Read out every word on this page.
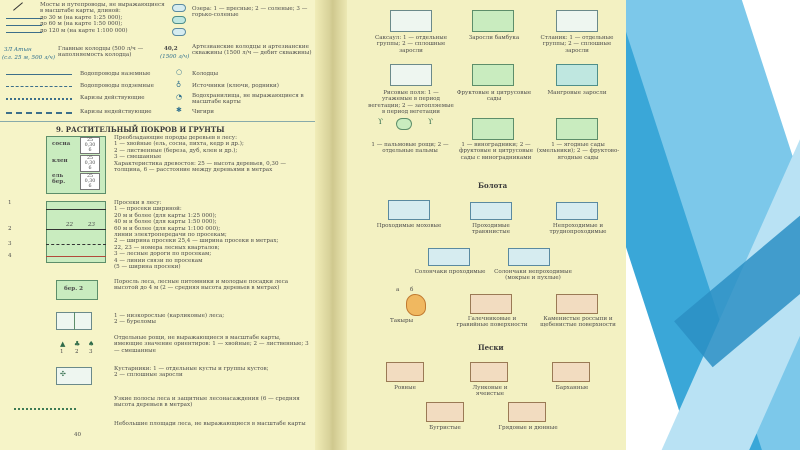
Мосты и путепроводы, не выражающиеся в масштабе карты, длиной:
до 30 м (на карте 1:25 000);
до 60 м (на карте 1:50 000);
до 120 м (на карте 1:100 000)
Озера: 1 — пресные; 2 — соленые; 3 — горько-соленые
ЗЛ Атын
(сл. 25 м, 500 л/ч)
Главные колодцы (500 л/ч — наполняемость колодца)
40,2
(1500 л/ч)
Артезианские колодцы и артезианские скважины (1500 л/ч — дебит скважины)
Водопроводы наземные	○ Колодцы
Водопроводы подземные	♁ Источники (ключи, родники)
Каризы действующие	◔ Водохранилища, не выражающиеся в масштабе карты
Каризы недействующие	✱ Чигири
9. РАСТИТЕЛЬНЫЙ ПОКРОВ И ГРУНТЫ
сосна
25
0,30
6
клен	25
0,30
6
ель
бер.
25
0,30
6
Преобладающие породы деревьев в лесу:
1 — хвойные (ель, сосна, пихта, кедр и др.);
2 — лиственные (береза, дуб, клен и др.);
3 — смешанные
Характеристика древостоя: 25 — высота деревьев, 0,30 — толщина, 6 — расстояние между деревьями в метрах
1
2
3
4
22	23
Просеки в лесу:
1 — просеки шириной:
20 м и более (для карты 1:25 000);
40 м и более (для карты 1:50 000);
60 м и более (для карты 1:100 000);
линии электропередачи по просекам;
2 — ширина просеки 25,4 — ширина просеки в метрах;
22, 23 — номера лесных кварталов;
3 — лесные дороги по просекам;
4 — линии связи по просекам
(5 — ширина просеки)
бер. 2
Поросль леса, лесные питомники и молодые посадки леса высотой до 4 м (2 — средняя высота деревьев в метрах)
1 — низкорослые (карликовые) леса;
2 — буреломы
▲ ♣ ♠
1 2 3
Отдельные рощи, не выражающиеся в масштабе карты, имеющие значение ориентиров: 1 — хвойные; 2 — лиственные; 3 — смешанные
✣
Кустарники: 1 — отдельные кусты и группы кустов;
2 — сплошные заросли
Узкие полосы леса и защитные лесонасаждения (6 — средняя высота деревьев в метрах)
Небольшие площади леса, не выражающиеся в масштабе карты
40
Саксаул: 1 — отдельные группы; 2 — сплошные заросли
Заросли бамбука	Стланик: 1 — отдельные группы; 2 — сплошные заросли
Рисовые поля: 1 — угажемые в период вегетации; 2 — затопляемые в период вегетации
Фруктовые и цитрусовые сады
Мангровые заросли
ϒ	ϒ
1 — пальмовые рощи; 2 — отдельные пальмы
1 — виноградники; 2 — фруктовые и цитрусовые сады с виноградниками
1 — ягодные сады (хмельники); 2 — фруктово-ягодные сады
Болота
Проходимые моховые	Проходимые травянистые
Непроходимые и труднопроходимые
Солончаки проходимые	Солончаки непроходимые (мокрые и пухлые)
а б
Такыры	Галечниковые и гравийные поверхности
Каменистые россыпи и щебенистые поверхности
Пески
Ровные	Лунковые и ячеистые
Барханные
Бугристые	Грядовые и дюнные
